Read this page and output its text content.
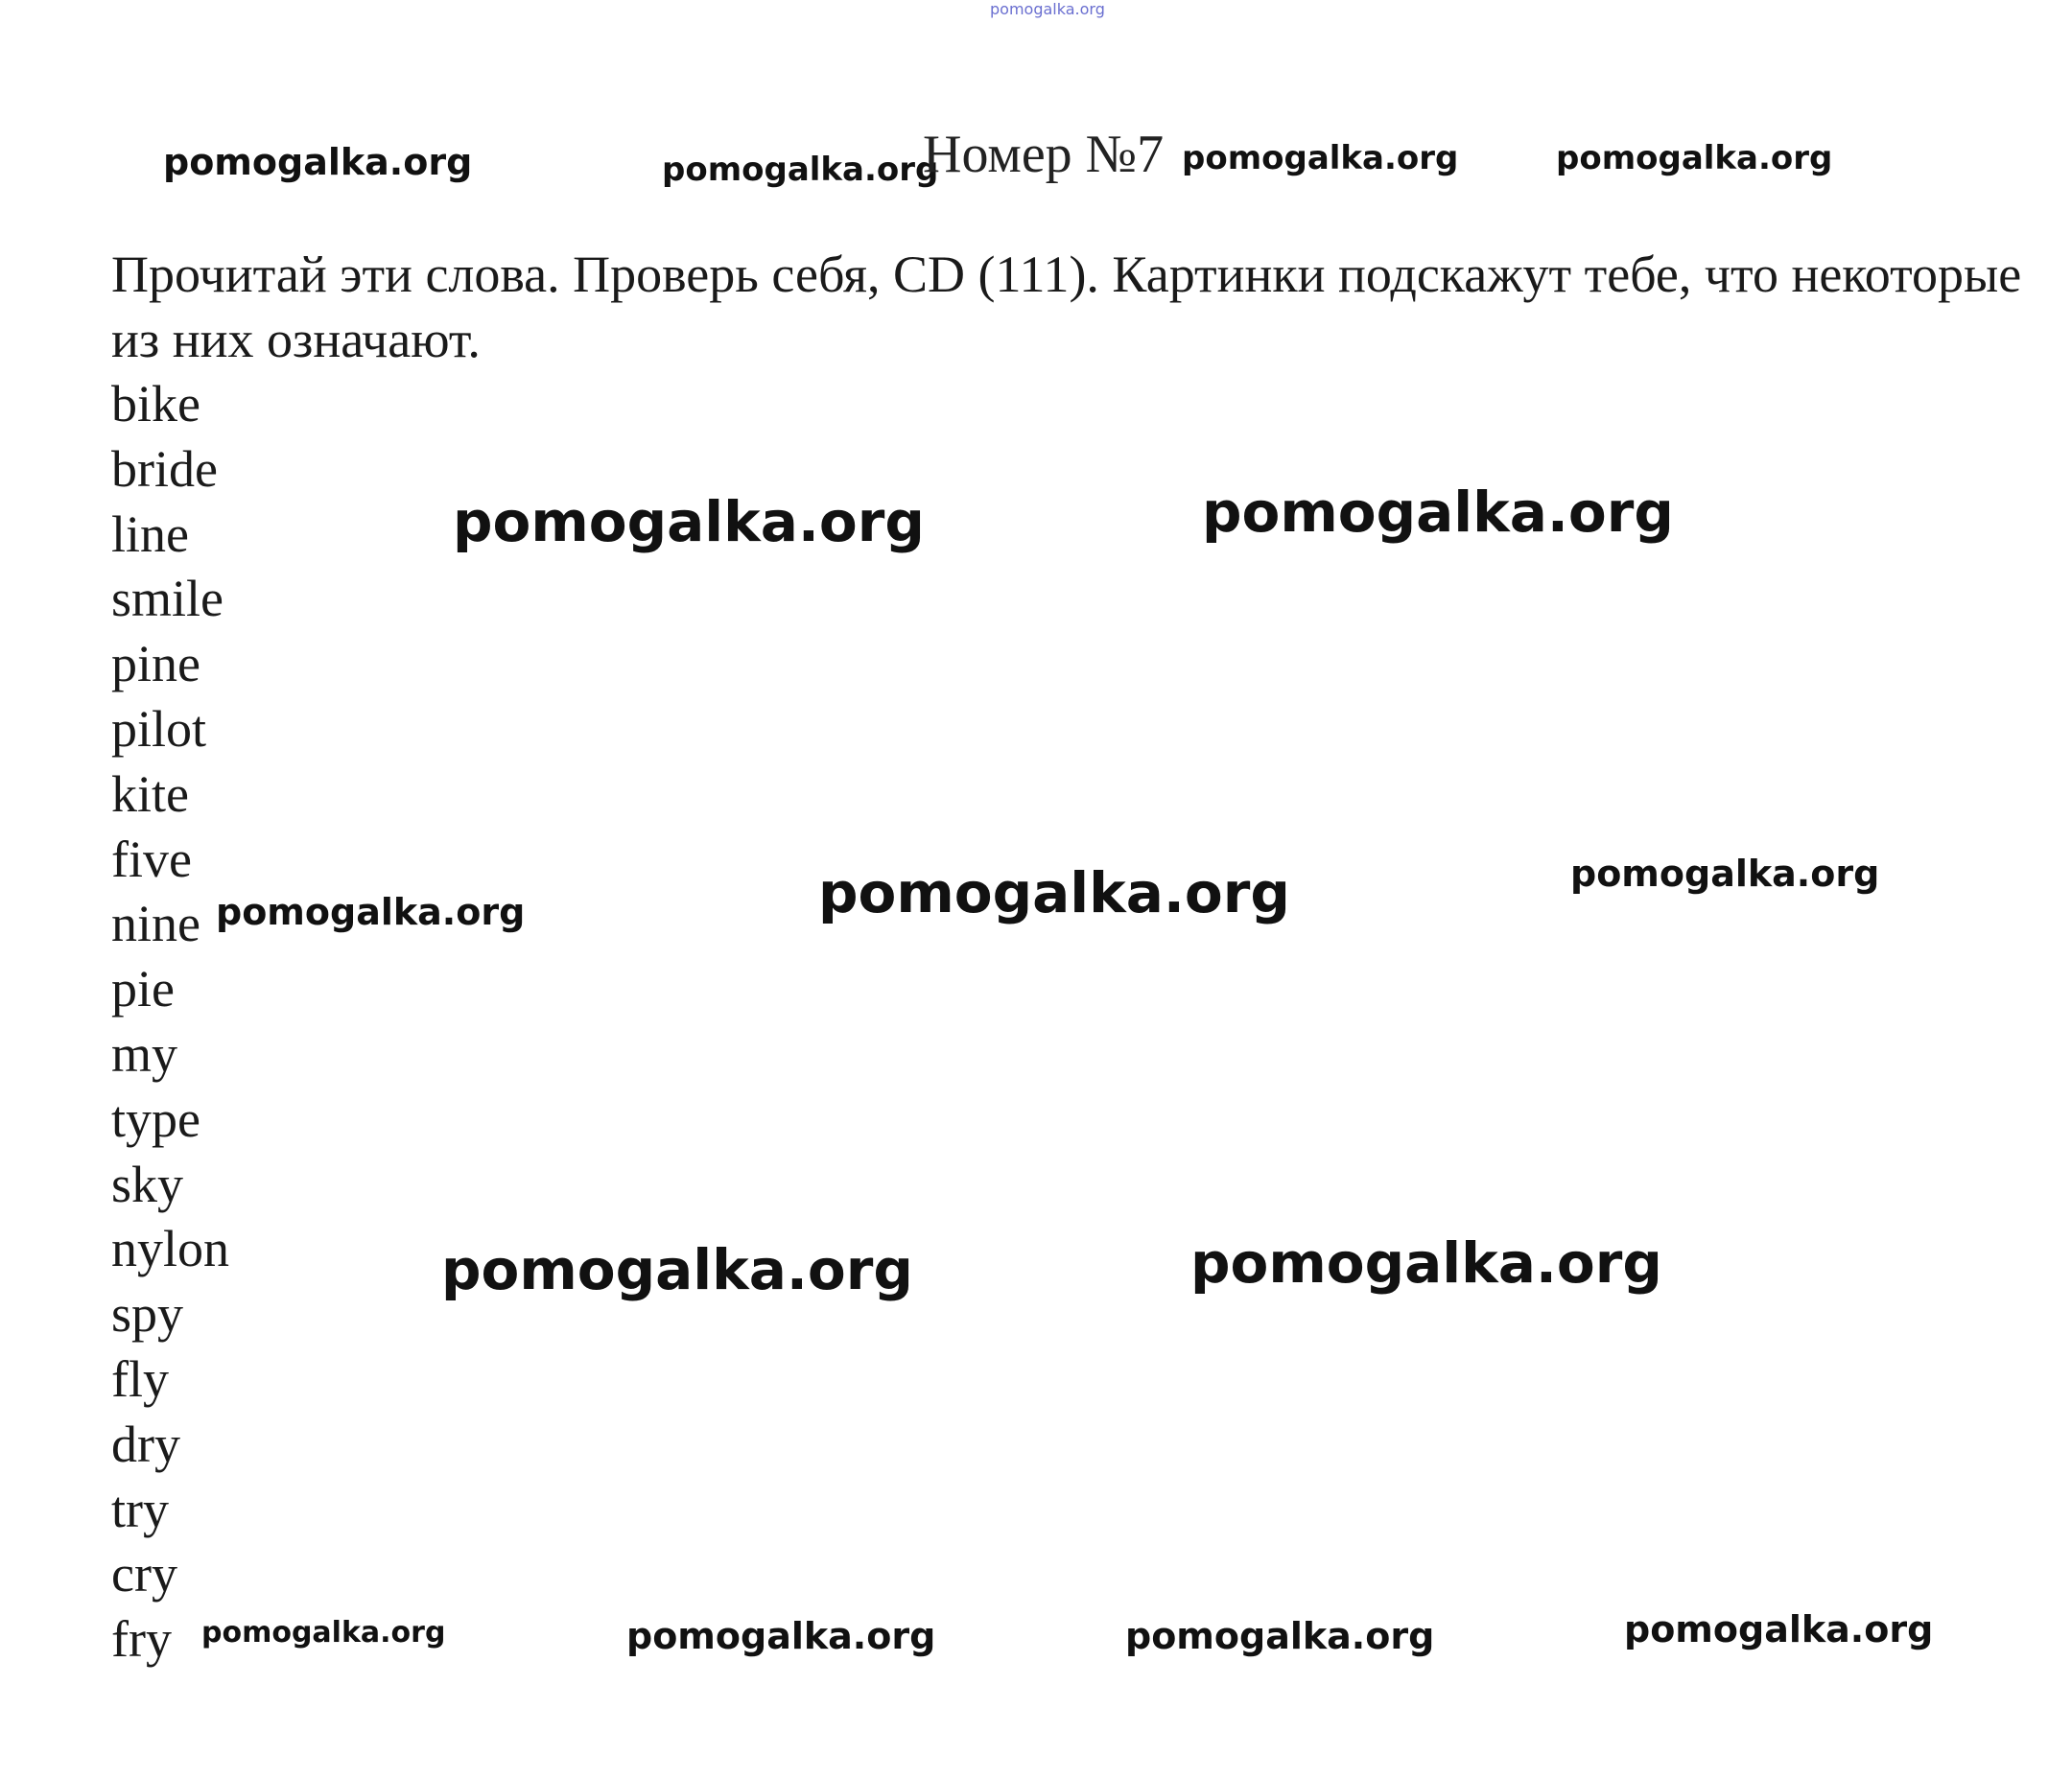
pomogalka.org
pomogalka.org	pomogalka.org
Номер №7 pomogalka.org	pomogalka.org
Прочитай эти слова. Проверь себя, CD (111). Картинки подскажут тебе, что некоторые из них означают.
bike
bride
line
smile
pine
pilot
kite
five
nine
pie
my
type
sky
nylon
spy
fly
dry
try
cry
fry
pomogalka.org	pomogalka.org
pomogalka.org	pomogalka.org	pomogalka.org
pomogalka.org	pomogalka.org
pomogalka.org	pomogalka.org	pomogalka.org	pomogalka.org
